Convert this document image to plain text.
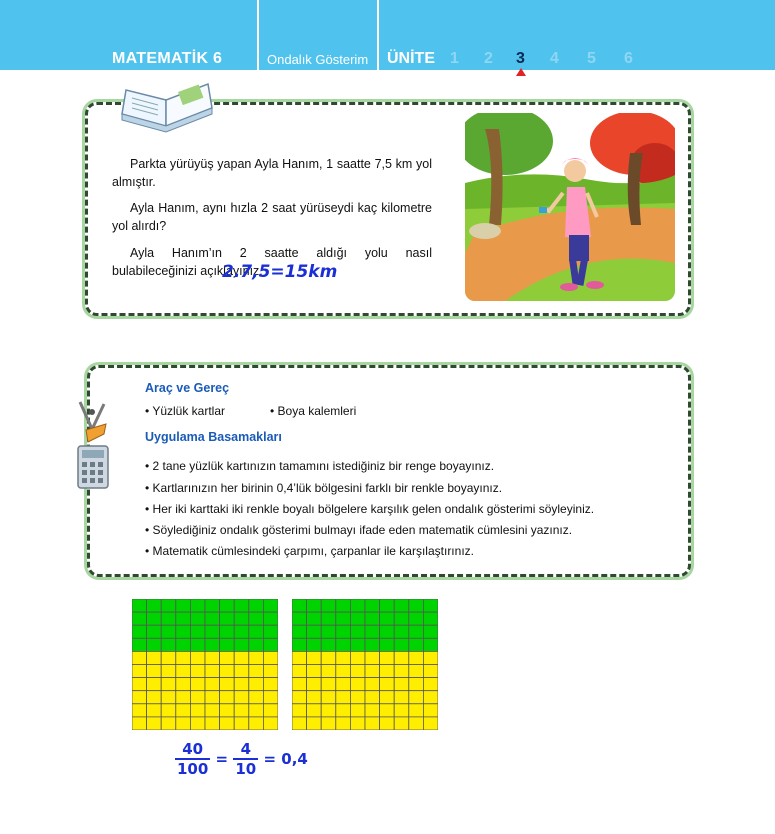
MATEMATİK 6	Ondalık Gösterim ÜNİTE 1 2 3 4 5 6
Parkta yürüyüş yapan Ayla Hanım, 1 saatte 7,5 km yol almıştır.
Ayla Hanım, aynı hızla 2 saat yürüseydi kaç kilometre yol alırdı?
Ayla Hanım’ın 2 saatte aldığı yolu nasıl bulabileceğinizi açıklayınız.
2.7,5=15km
Araç ve Gereç
• Yüzlük kartlar	• Boya kalemleri
Uygulama Basamakları
• 2 tane yüzlük kartınızın tamamını istediğiniz bir renge boyayınız.
• Kartlarınızın her birinin 0,4’lük bölgesini farklı bir renkle boyayınız.
• Her iki karttaki iki renkle boyalı bölgelere karşılık gelen ondalık gösterimi söyleyiniz.
• Söylediğiniz ondalık gösterimi bulmayı ifade eden matematik cümlesini yazınız.
• Matematik cümlesindeki çarpımı, çarpanlar ile karşılaştırınız.
$\frac{40}{100} = \frac{4}{10} = 0,4$
